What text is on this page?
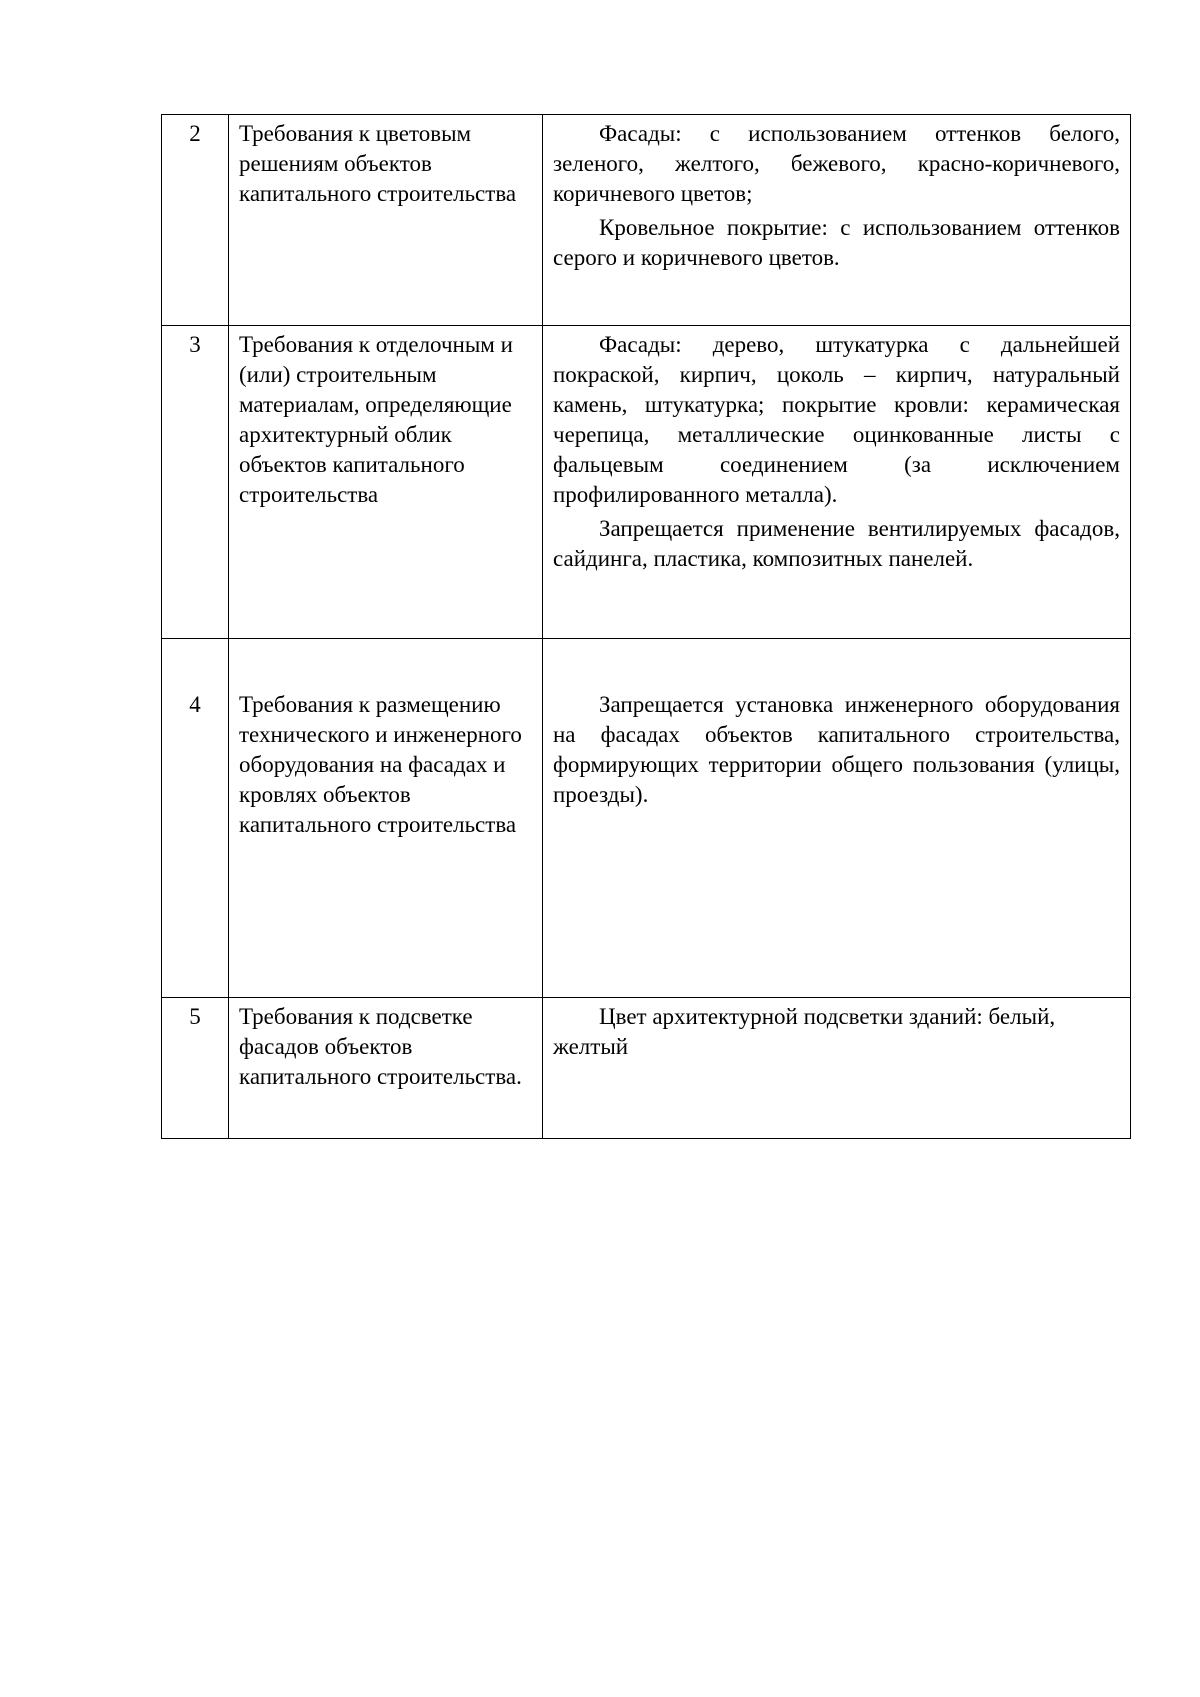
2	Требования к цветовым решениям объектов капитального строительства	Фасады: с использованием оттенков белого, зеленого, желтого, бежевого, красно-коричневого, коричневого цветов;

Кровельное покрытие: с использованием оттенков серого и коричневого цветов.

3	Требования к отделочным и (или) строительным материалам, определяющие архитектурный облик объектов капитального строительства	Фасады: дерево, штукатурка с дальнейшей покраской, кирпич, цоколь – кирпич, натуральный камень, штукатурка; покрытие кровли: керамическая черепица, металлические оцинкованные листы с фальцевым соединением (за исключением профилированного металла).

Запрещается применение вентилируемых фасадов, сайдинга, пластика, композитных панелей.

4	Требования к размещению технического и инженерного оборудования на фасадах и кровлях объектов капитального строительства	Запрещается установка инженерного оборудования на фасадах объектов капитального строительства, формирующих территории общего пользования (улицы, проезды).

5	Требования к подсветке фасадов объектов капитального строительства.	Цвет архитектурной подсветки зданий: белый, желтый
